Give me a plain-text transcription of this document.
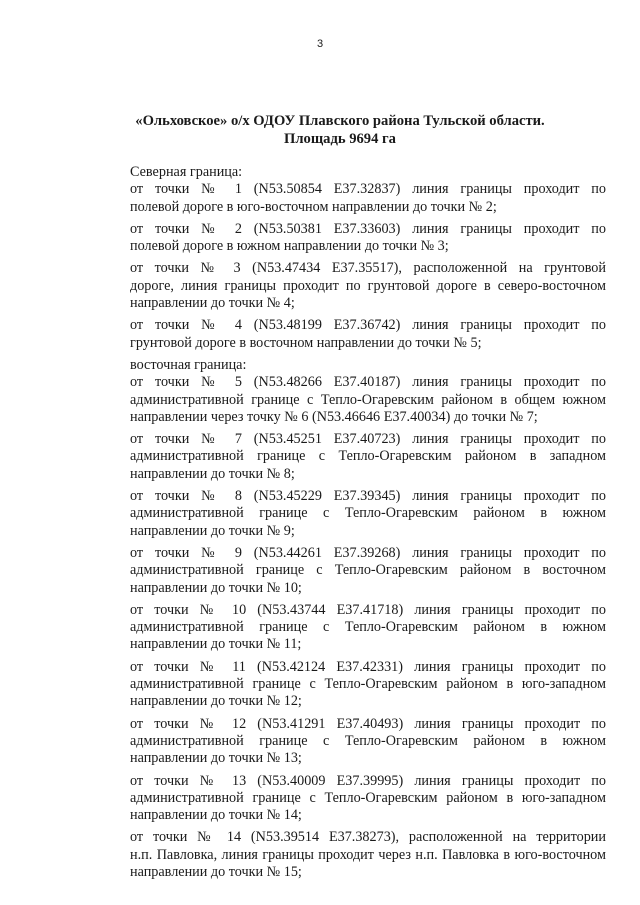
3
«Ольховское» о/х ОДОУ Плавского района Тульской области.
Площадь 9694 га
Северная граница:
от точки № 1 (N53.50854 E37.32837) линия границы проходит по
полевой дороге в юго-восточном направлении до точки № 2;
от точки № 2 (N53.50381 E37.33603) линия границы проходит по
полевой дороге в южном направлении до точки № 3;
от точки № 3 (N53.47434 E37.35517), расположенной на грунтовой
дороге, линия границы проходит по грунтовой дороге в северо-восточном
направлении до точки № 4;
от точки № 4 (N53.48199 E37.36742) линия границы проходит по
грунтовой дороге в восточном направлении до точки № 5;
восточная граница:
от точки № 5 (N53.48266 E37.40187) линия границы проходит по
административной границе с Тепло-Огаревским районом в общем южном
направлении через точку № 6 (N53.46646 E37.40034) до точки № 7;
от точки № 7 (N53.45251 E37.40723) линия границы проходит по
административной границе с Тепло-Огаревским районом в западном
направлении до точки № 8;
от точки № 8 (N53.45229 E37.39345) линия границы проходит по
административной границе с Тепло-Огаревским районом в южном
направлении до точки № 9;
от точки № 9 (N53.44261 E37.39268) линия границы проходит по
административной границе с Тепло-Огаревским районом в восточном
направлении до точки № 10;
от точки № 10 (N53.43744 E37.41718) линия границы проходит по
административной границе с Тепло-Огаревским районом в южном
направлении до точки № 11;
от точки № 11 (N53.42124 E37.42331) линия границы проходит по
административной границе с Тепло-Огаревским районом в юго-западном
направлении до точки № 12;
от точки № 12 (N53.41291 E37.40493) линия границы проходит по
административной границе с Тепло-Огаревским районом в южном
направлении до точки № 13;
от точки № 13 (N53.40009 E37.39995) линия границы проходит по
административной границе с Тепло-Огаревским районом в юго-западном
направлении до точки № 14;
от точки № 14 (N53.39514 E37.38273), расположенной на территории
н.п. Павловка, линия границы проходит через н.п. Павловка в юго-восточном
направлении до точки № 15;
